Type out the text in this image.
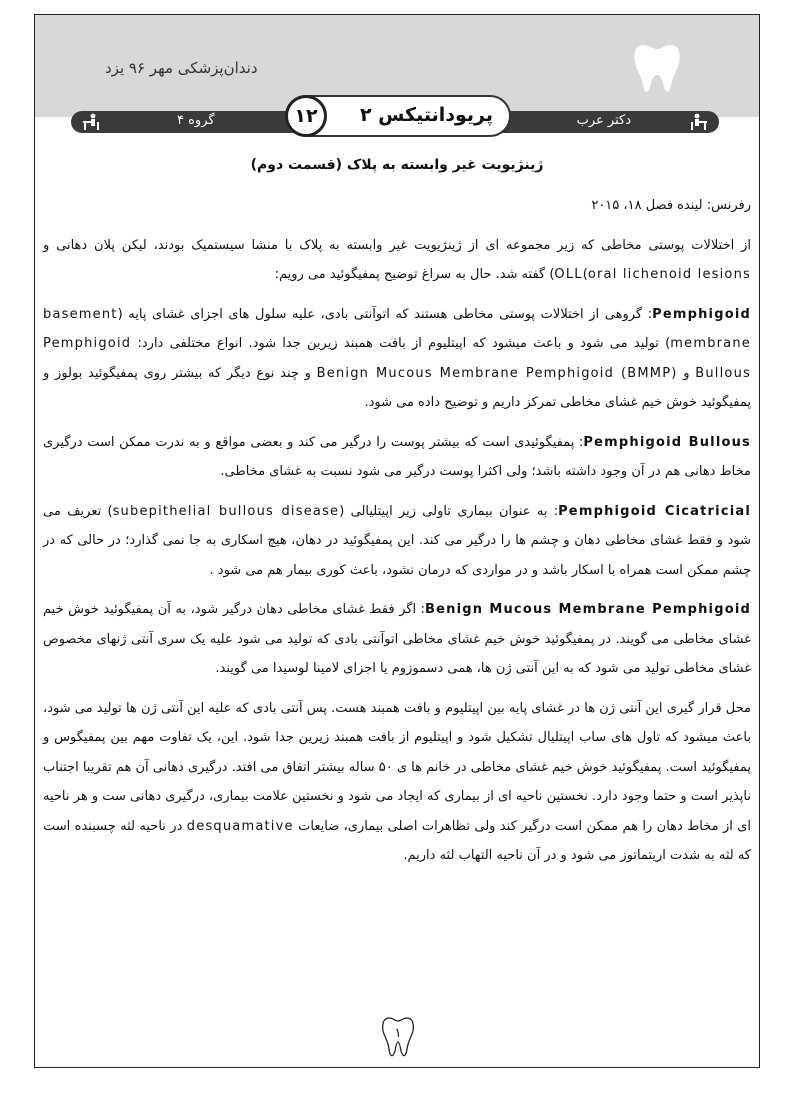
دندان‌پزشکی مهر ۹۶ یزد
گروه ۴	دکتر عرب
۱۲	پریودانتیکس ۲
ژینژیویت غیر وابسته به پلاک (قسمت دوم)

رفرنس: لینده فصل ۱۸، ۲۰۱۵

از اختلالات پوستی مخاطی که زیر مجموعه ای از ژینژیویت غیر وابسته به پلاک با منشا سیستمیک بودند، لیکن پلان دهانی و OLL(oral lichenoid lesions) گفته شد. حال به سراغ توضیح پمفیگوئید می رویم:

Pemphigoid: گروهی از اختلالات پوستی مخاطی هستند که اتوآنتی بادی، علیه سلول های اجزای غشای پایه (basement membrane) تولید می شود و باعث میشود که اپیتلیوم از بافت همبند زیرین جدا شود. انواع مختلفی دارد: Pemphigoid Bullous و Benign Mucous Membrane Pemphigoid (BMMP) و چند نوع دیگر که بیشتر روی پمفیگوئید بولوز و پمفیگوئید خوش خیم غشای مخاطی تمرکز داریم و توضیح داده می شود.

Pemphigoid Bullous: پمفیگوئیدی است که بیشتر پوست را درگیر می کند و بعضی مواقع و به ندرت ممکن است درگیری مخاط دهانی هم در آن وجود داشته باشد؛ ولی اکثرا پوست درگیر می شود نسبت به غشای مخاطی.

Pemphigoid Cicatricial: به عنوان بیماری تاولی زیر اپیتلیالی (subepithelial bullous disease) تعریف می شود و فقط غشای مخاطی دهان و چشم ها را درگیر می کند. این پمفیگوئید در دهان، هیچ اسکاری به جا نمی گذارد؛ در حالی که در چشم ممکن است همراه با اسکار باشد و در مواردی که درمان نشود، باعث کوری بیمار هم می شود .

Benign Mucous Membrane Pemphigoid: اگر فقط غشای مخاطی دهان درگیر شود، به آن پمفیگوئید خوش خیم غشای مخاطی می گویند. در پمفیگوئید خوش خیم غشای مخاطی اتوآنتی بادی که تولید می شود علیه یک سری آنتی ژنهای مخصوص غشای مخاطی تولید می شود که به این آنتی ژن ها، همی دسموزوم یا اجزای لامینا لوسیدا می گویند.

محل قرار گیری این آنتی ژن ها در غشای پایه بین اپیتلیوم و بافت همبند هست. پس آنتی بادی که علیه این آنتی ژن ها تولید می شود، باعث میشود که تاول های ساب اپیتلیال تشکیل شود و اپیتلیوم از بافت همبند زیرین جدا شود. این، یک تفاوت مهم بین پمفیگوس و پمفیگوئید است. پمفیگوئید خوش خیم غشای مخاطی در خانم ها ی ۵۰ ساله بیشتر اتفاق می افتد. درگیری دهانی آن هم تقریبا اجتناب ناپذیر است و حتما وجود دارد. نخستین ناحیه ای از بیماری که ایجاد می شود و نخستین علامت بیماری، درگیری دهانی ست و هر ناحیه ای از مخاط دهان را هم ممکن است درگیر کند ولی تظاهرات اصلی بیماری، ضایعات desquamative در ناحیه لثه چسبنده است که لثه به شدت اریتماتوز می شود و در آن ناحیه التهاب لثه داریم.

۱
